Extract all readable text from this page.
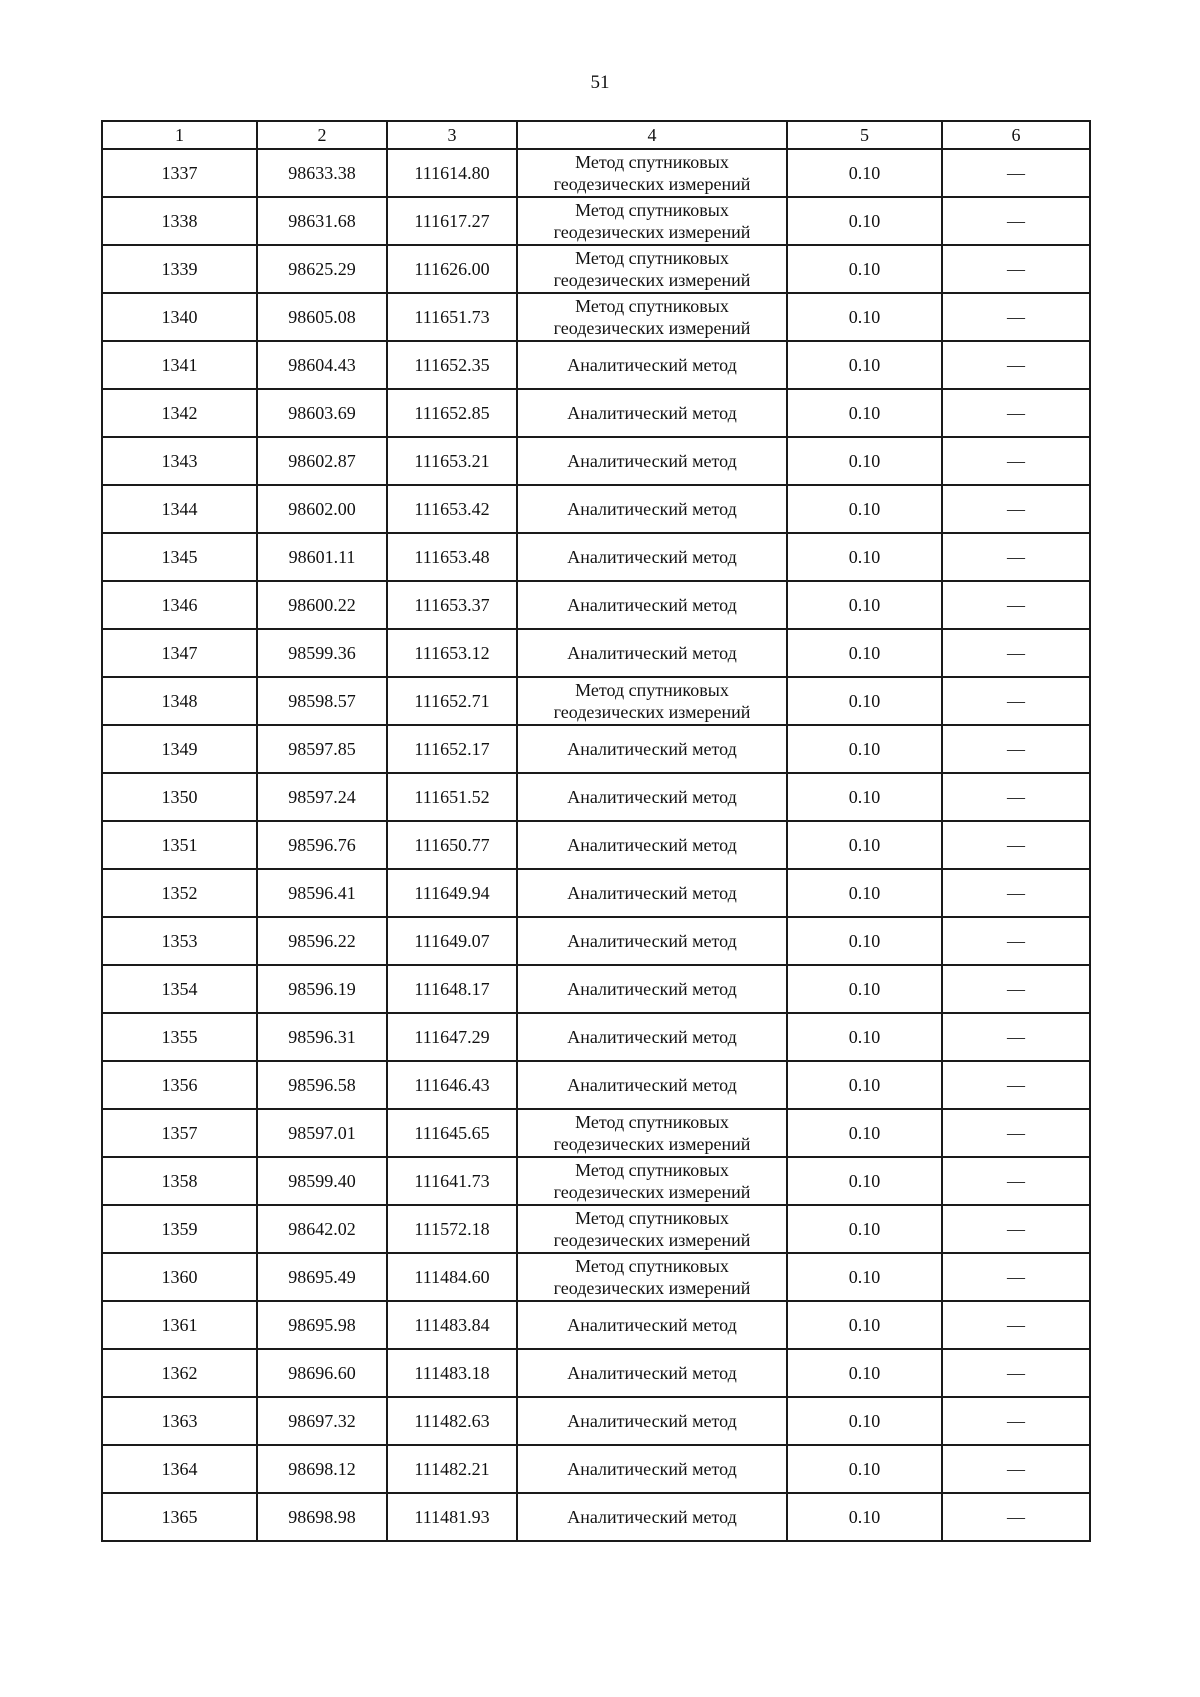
51
1	2	3	4	5	6
1337	98633.38	111614.80	Метод спутниковых
геодезических измерений	0.10	—
1338	98631.68	111617.27	Метод спутниковых
геодезических измерений	0.10	—
1339	98625.29	111626.00	Метод спутниковых
геодезических измерений	0.10	—
1340	98605.08	111651.73	Метод спутниковых
геодезических измерений	0.10	—
1341	98604.43	111652.35	Аналитический метод	0.10	—
1342	98603.69	111652.85	Аналитический метод	0.10	—
1343	98602.87	111653.21	Аналитический метод	0.10	—
1344	98602.00	111653.42	Аналитический метод	0.10	—
1345	98601.11	111653.48	Аналитический метод	0.10	—
1346	98600.22	111653.37	Аналитический метод	0.10	—
1347	98599.36	111653.12	Аналитический метод	0.10	—
1348	98598.57	111652.71	Метод спутниковых
геодезических измерений	0.10	—
1349	98597.85	111652.17	Аналитический метод	0.10	—
1350	98597.24	111651.52	Аналитический метод	0.10	—
1351	98596.76	111650.77	Аналитический метод	0.10	—
1352	98596.41	111649.94	Аналитический метод	0.10	—
1353	98596.22	111649.07	Аналитический метод	0.10	—
1354	98596.19	111648.17	Аналитический метод	0.10	—
1355	98596.31	111647.29	Аналитический метод	0.10	—
1356	98596.58	111646.43	Аналитический метод	0.10	—
1357	98597.01	111645.65	Метод спутниковых
геодезических измерений	0.10	—
1358	98599.40	111641.73	Метод спутниковых
геодезических измерений	0.10	—
1359	98642.02	111572.18	Метод спутниковых
геодезических измерений	0.10	—
1360	98695.49	111484.60	Метод спутниковых
геодезических измерений	0.10	—
1361	98695.98	111483.84	Аналитический метод	0.10	—
1362	98696.60	111483.18	Аналитический метод	0.10	—
1363	98697.32	111482.63	Аналитический метод	0.10	—
1364	98698.12	111482.21	Аналитический метод	0.10	—
1365	98698.98	111481.93	Аналитический метод	0.10	—
